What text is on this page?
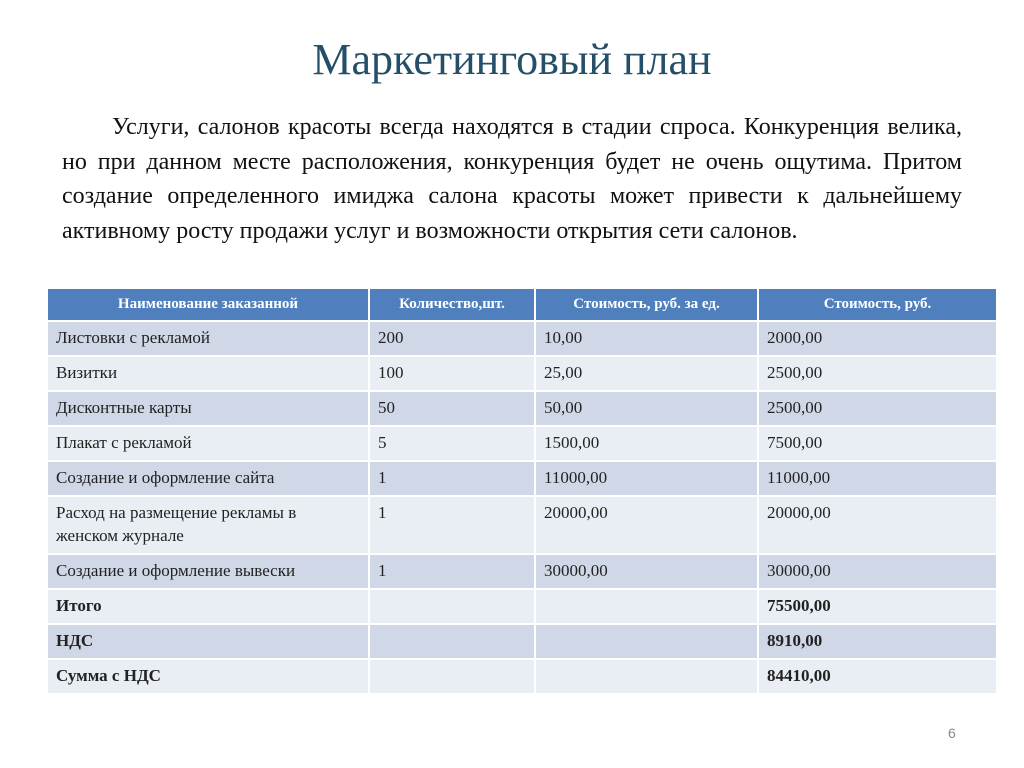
Маркетинговый план
Услуги, салонов красоты всегда находятся в стадии спроса. Конкуренция велика, но при данном месте расположения, конкуренция будет не очень ощутима. Притом создание определенного имиджа салона красоты может привести к дальнейшему активному росту продажи услуг и возможности открытия сети салонов.
Наименование заказанной	Количество,шт.	Стоимость, руб. за ед.	Стоимость, руб.
Листовки с рекламой	200	10,00	2000,00
Визитки	100	25,00	2500,00
Дисконтные карты	50	50,00	2500,00
Плакат с рекламой	5	1500,00	7500,00
Создание и оформление сайта	1	11000,00	11000,00
Расход на размещение рекламы в женском журнале	1	20000,00	20000,00
Создание и оформление вывески	1	30000,00	30000,00
Итого			75500,00
НДС			8910,00
Сумма с НДС			84410,00
6
